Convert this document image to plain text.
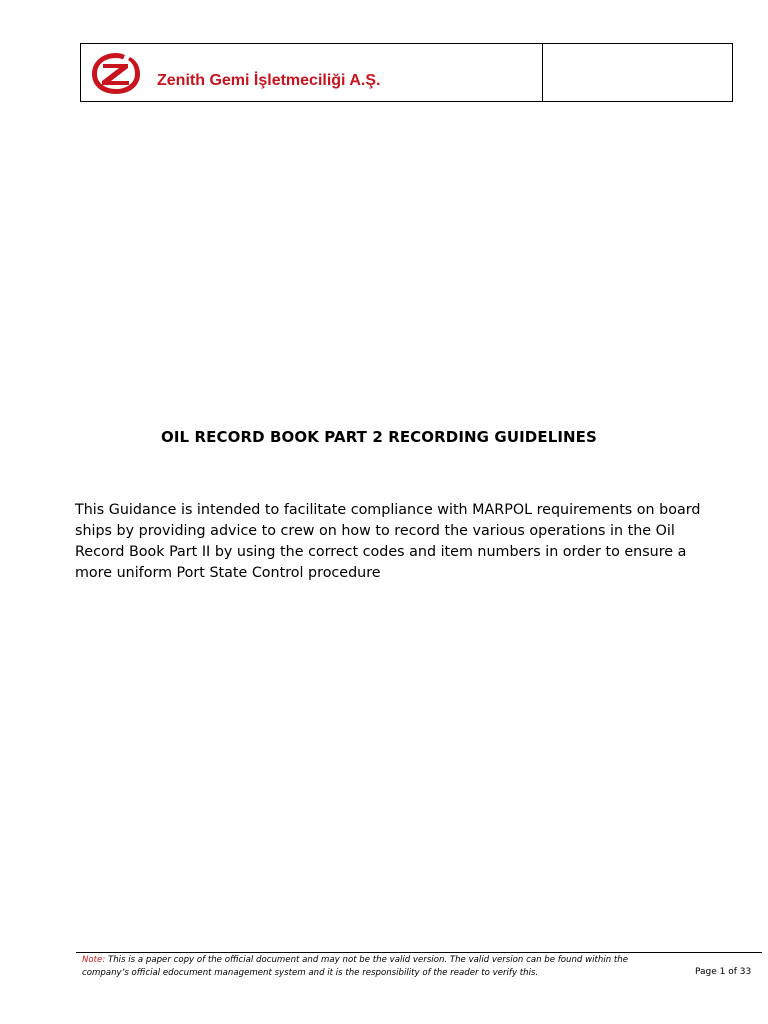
Zenith Gemi İşletmeciliği A.Ş.
OIL RECORD BOOK PART 2 RECORDING GUIDELINES

This Guidance is intended to facilitate compliance with MARPOL requirements on board ships by providing advice to crew on how to record the various operations in the Oil Record Book Part II by using the correct codes and item numbers in order to ensure a more uniform Port State Control procedure

Note: This is a paper copy of the official document and may not be the valid version. The valid version can be found within the company’s official edocument management system and it is the responsibility of the reader to verify this.	Page 1 of 33
